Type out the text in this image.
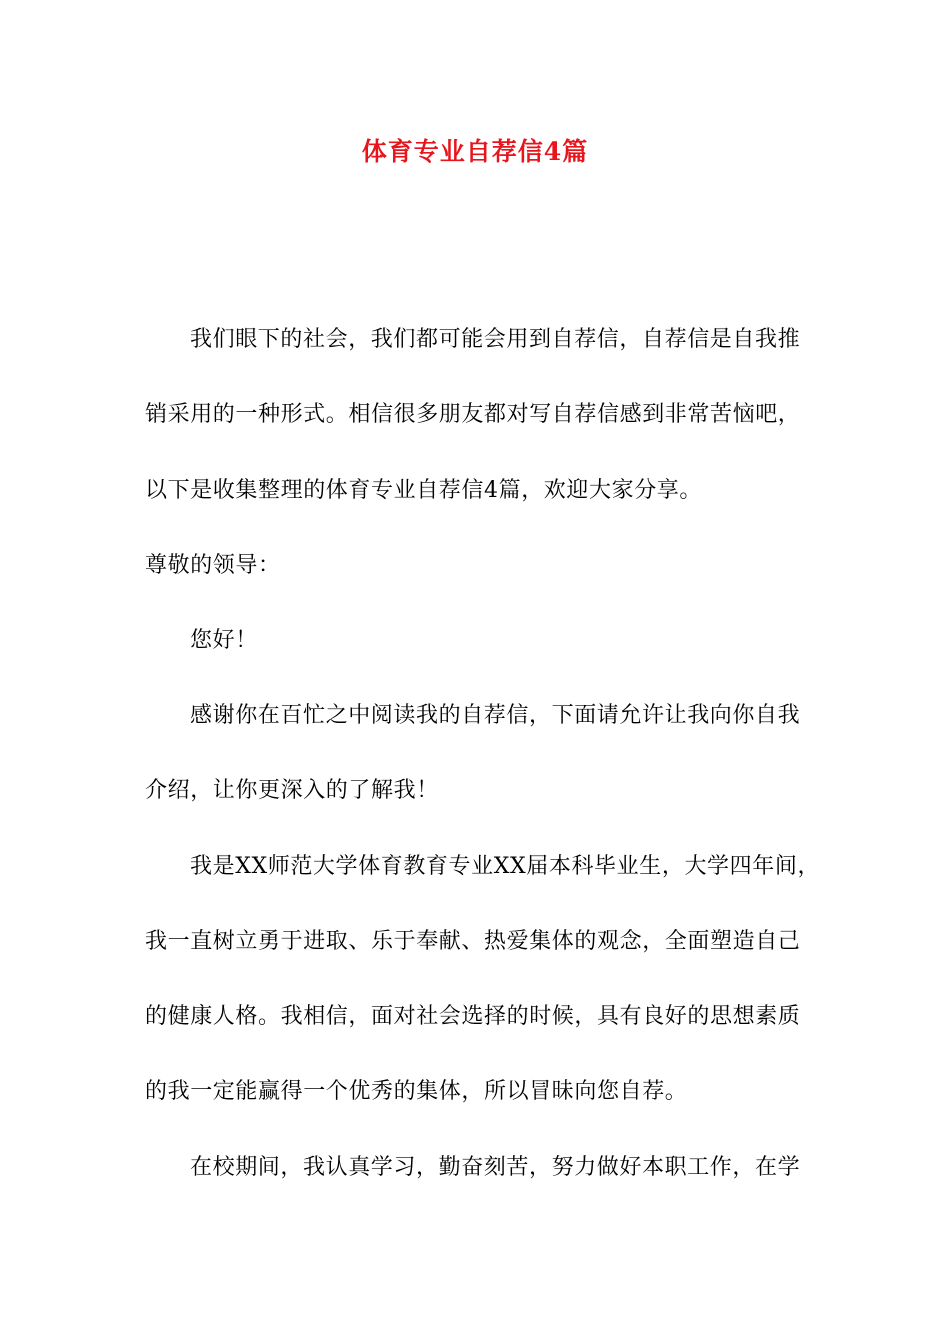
体育专业自荐信4篇
我们眼下的社会，我们都可能会用到自荐信，自荐信是自我推
销采用的一种形式。相信很多朋友都对写自荐信感到非常苦恼吧，
以下是收集整理的体育专业自荐信4篇，欢迎大家分享。
尊敬的领导：
您好！
感谢你在百忙之中阅读我的自荐信，下面请允许让我向你自我
介绍，让你更深入的了解我！
我是XX师范大学体育教育专业XX届本科毕业生，大学四年间，
我一直树立勇于进取、乐于奉献、热爱集体的观念，全面塑造自己
的健康人格。我相信，面对社会选择的时候，具有良好的思想素质
的我一定能赢得一个优秀的集体，所以冒昧向您自荐。
在校期间，我认真学习，勤奋刻苦，努力做好本职工作，在学
